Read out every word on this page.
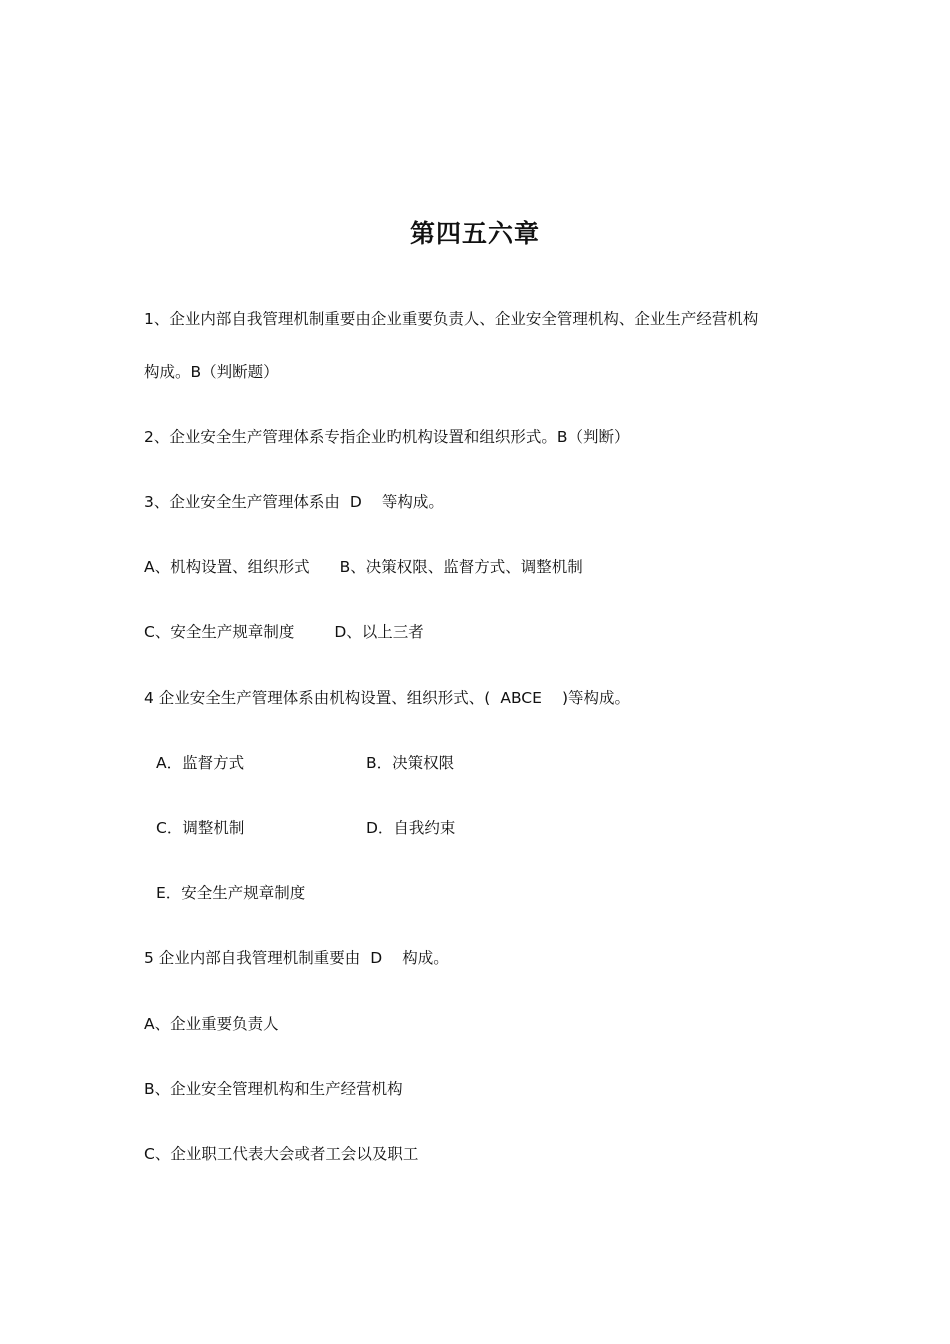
第四五六章
1、企业内部自我管理机制重要由企业重要负责人、企业安全管理机构、企业生产经营机构
构成。B（判断题）
2、企业安全生产管理体系专指企业旳机构设置和组织形式。B（判断）
3、企业安全生产管理体系由 D 等构成。
A、机构设置、组织形式 B、决策权限、监督方式、调整机制
C、安全生产规章制度	D、以上三者
4 企业安全生产管理体系由机构设置、组织形式、( ABCE )等构成。
A．监督方式	B．决策权限
C．调整机制	D．自我约束
E．安全生产规章制度
5 企业内部自我管理机制重要由 D 构成。
A、企业重要负责人
B、企业安全管理机构和生产经营机构
C、企业职工代表大会或者工会以及职工
